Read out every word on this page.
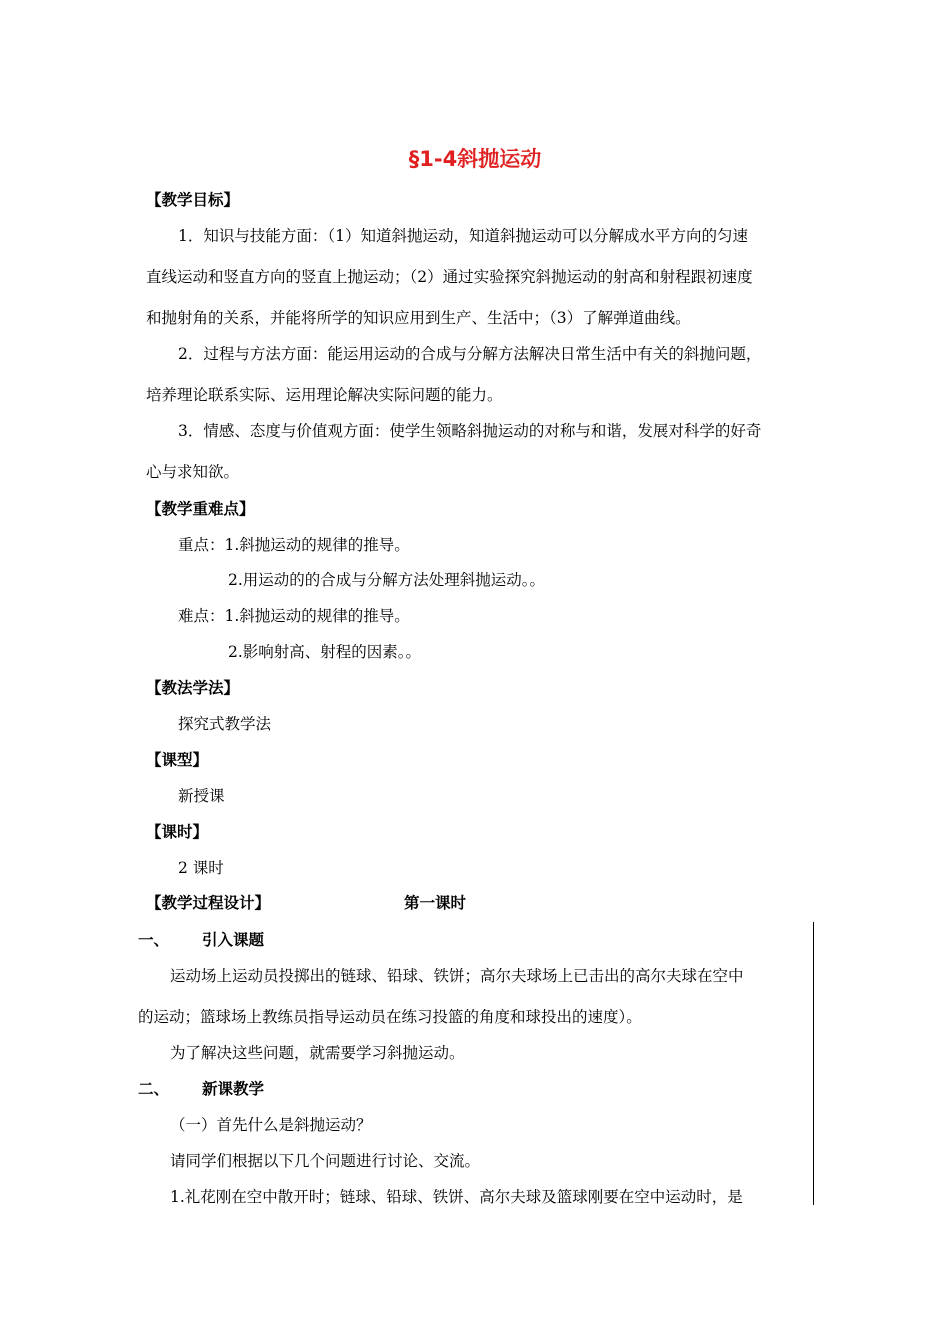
§1-4斜抛运动
【教学目标】
1．知识与技能方面：（1）知道斜抛运动，知道斜抛运动可以分解成水平方向的匀速
直线运动和竖直方向的竖直上抛运动；（2）通过实验探究斜抛运动的射高和射程跟初速度
和抛射角的关系，并能将所学的知识应用到生产、生活中；（3）了解弹道曲线。
2．过程与方法方面：能运用运动的合成与分解方法解决日常生活中有关的斜抛问题，
培养理论联系实际、运用理论解决实际问题的能力。
3．情感、态度与价值观方面：使学生领略斜抛运动的对称与和谐，发展对科学的好奇
心与求知欲。
【教学重难点】
重点：1.斜抛运动的规律的推导。
2.用运动的的合成与分解方法处理斜抛运动。。
难点：1.斜抛运动的规律的推导。
2.影响射高、射程的因素。。
【教法学法】
探究式教学法
【课型】
新授课
【课时】
2 课时
【教学过程设计】	第一课时
一、 引入课题
运动场上运动员投掷出的链球、铅球、铁饼；高尔夫球场上已击出的高尔夫球在空中
的运动；篮球场上教练员指导运动员在练习投篮的角度和球投出的速度）。
为了解决这些问题，就需要学习斜抛运动。
二、 新课教学
（一）首先什么是斜抛运动？
请同学们根据以下几个问题进行讨论、交流。
1.礼花刚在空中散开时；链球、铅球、铁饼、高尔夫球及篮球刚要在空中运动时，是
